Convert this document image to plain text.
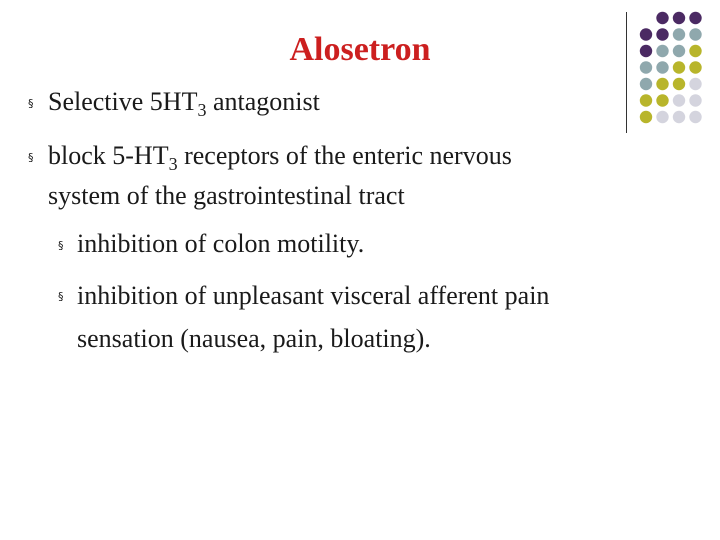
Alosetron
§ Selective $5HT_3$ antagonist
§ block $5-HT_3$ receptors of the enteric nervous
system of the gastrointestinal tract
§ inhibition of colon motility.
§ inhibition of unpleasant visceral afferent pain
sensation (nausea, pain, bloating).
